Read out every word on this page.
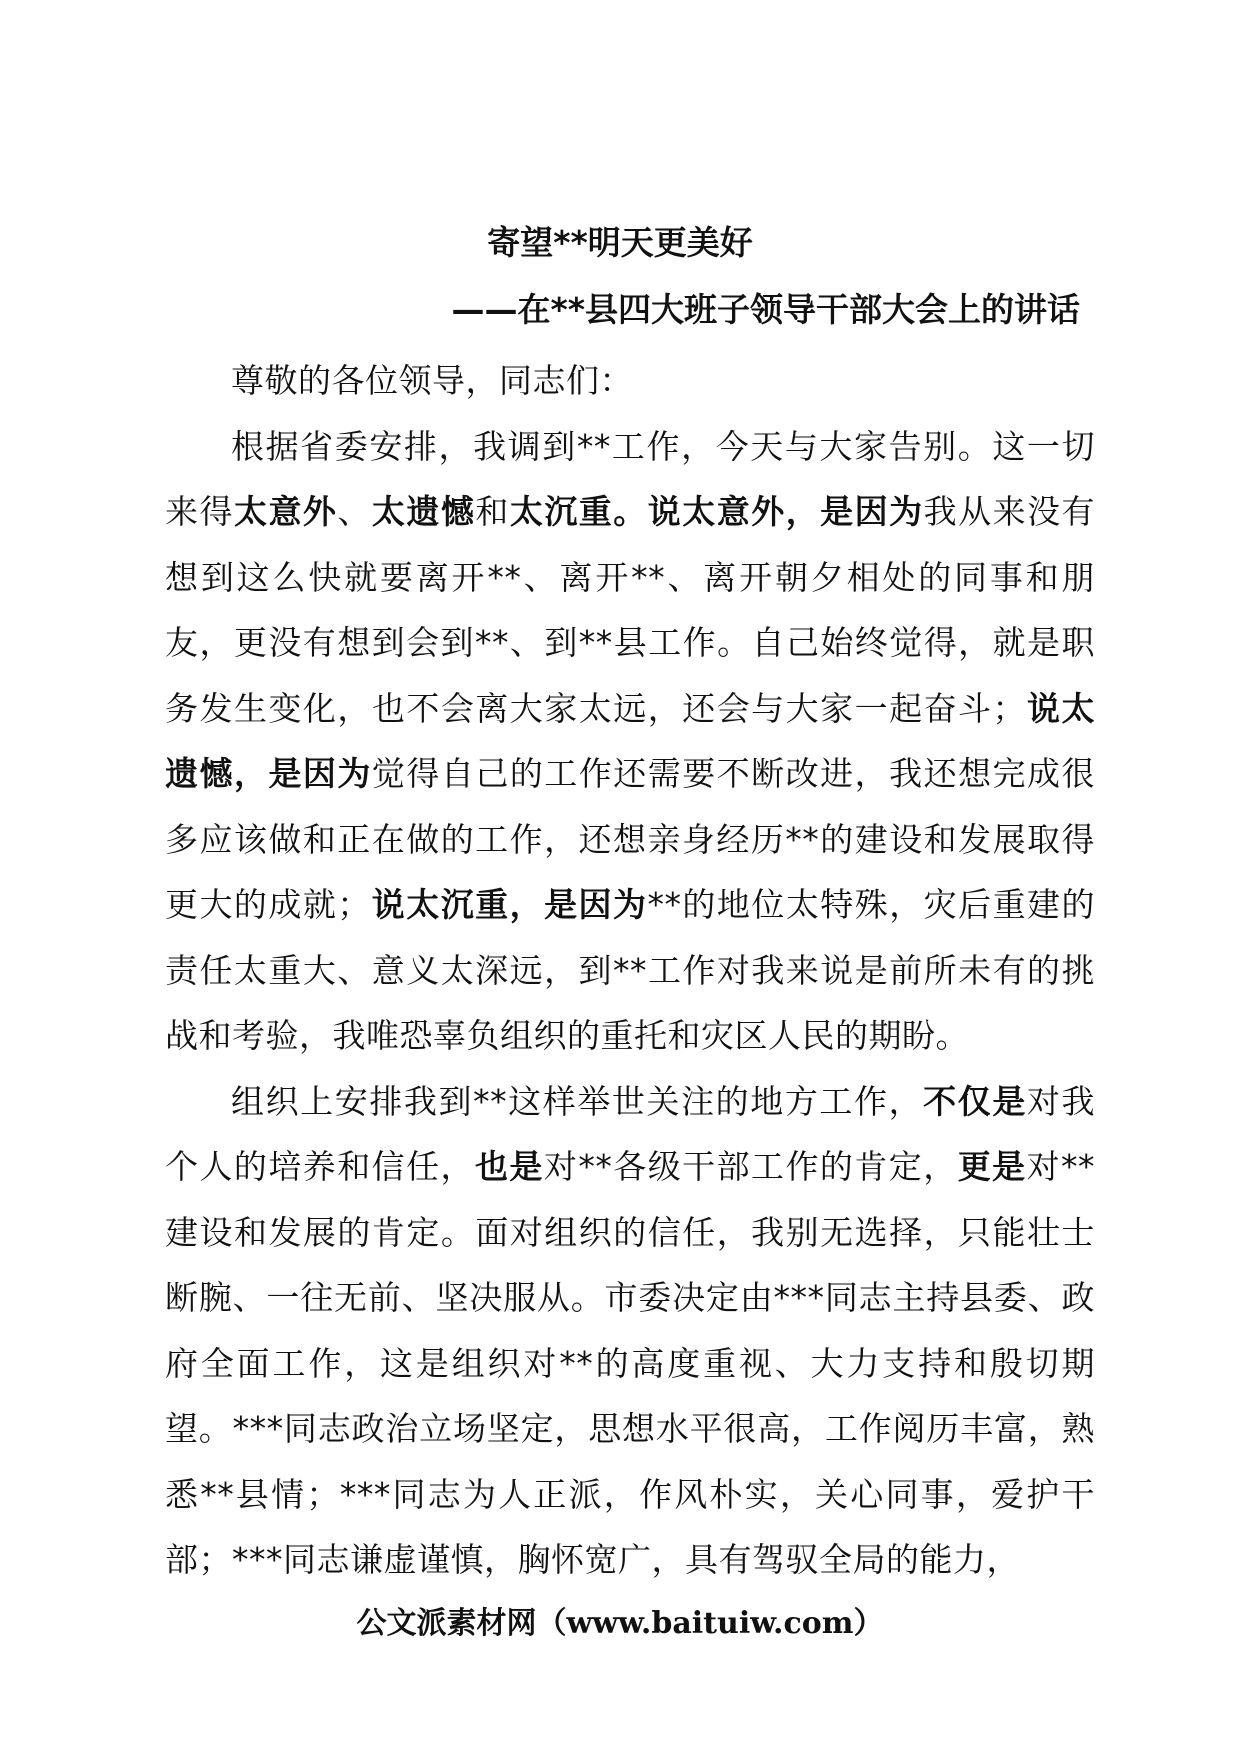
寄望**明天更美好
——在**县四大班子领导干部大会上的讲话

尊敬的各位领导，同志们：

根据省委安排，我调到**工作，今天与大家告别。这一切来得太意外、太遗憾和太沉重。说太意外，是因为我从来没有想到这么快就要离开**、离开**、离开朝夕相处的同事和朋友，更没有想到会到**、到**县工作。自己始终觉得，就是职务发生变化，也不会离大家太远，还会与大家一起奋斗；说太遗憾，是因为觉得自己的工作还需要不断改进，我还想完成很多应该做和正在做的工作，还想亲身经历**的建设和发展取得更大的成就；说太沉重，是因为**的地位太特殊，灾后重建的责任太重大、意义太深远，到**工作对我来说是前所未有的挑战和考验，我唯恐辜负组织的重托和灾区人民的期盼。

组织上安排我到**这样举世关注的地方工作，不仅是对我个人的培养和信任，也是对**各级干部工作的肯定，更是对**建设和发展的肯定。面对组织的信任，我别无选择，只能壮士断腕、一往无前、坚决服从。市委决定由***同志主持县委、政府全面工作，这是组织对**的高度重视、大力支持和殷切期望。***同志政治立场坚定，思想水平很高，工作阅历丰富，熟悉**县情；***同志为人正派，作风朴实，关心同事，爱护干部；***同志谦虚谨慎，胸怀宽广，具有驾驭全局的能力，

公文派素材网（www.baituiw.com）
